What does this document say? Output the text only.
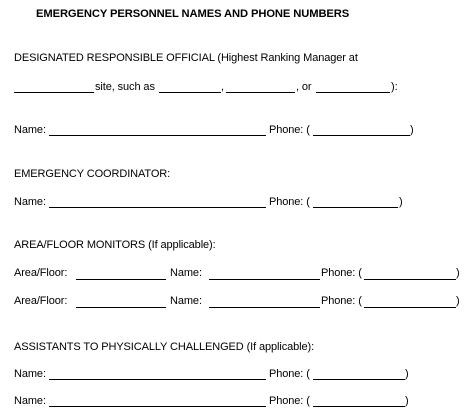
EMERGENCY PERSONNEL NAMES AND PHONE NUMBERS
DESIGNATED RESPONSIBLE OFFICIAL (Highest Ranking Manager at
site, such as	,	, or	):
Name:	Phone: (	)
EMERGENCY COORDINATOR:
Name:	Phone: (	)
AREA/FLOOR MONITORS (If applicable):
Area/Floor:	Name:	Phone: (	)
Area/Floor:	Name:	Phone: (	)
ASSISTANTS TO PHYSICALLY CHALLENGED (If applicable):
Name:	Phone: (	)
Name:	Phone: (	)
